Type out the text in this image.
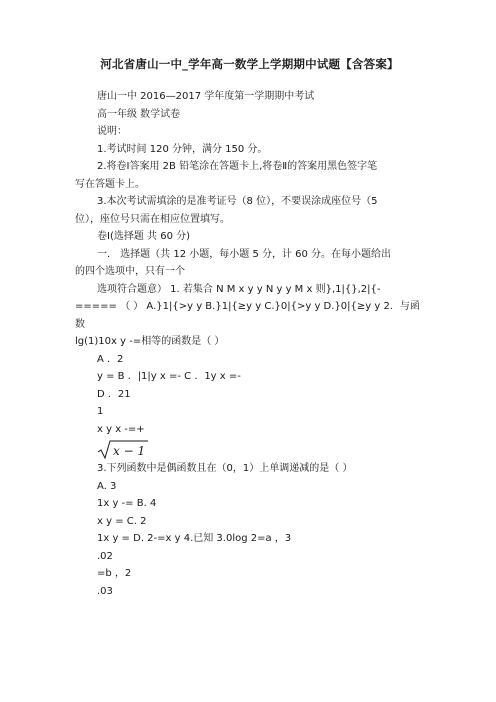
河北省唐山一中_学年高一数学上学期期中试题【含答案】
唐山一中 2016—2017 学年度第一学期期中考试
高一年级 数学试卷
说明：
1.考试时间 120 分钟，满分 150 分。
2.将卷Ⅰ答案用 2B 铅笔涂在答题卡上,将卷Ⅱ的答案用黑色签字笔
写在答题卡上。
3.本次考试需填涂的是准考证号（8 位），不要误涂成座位号（5
位），座位号只需在相应位置填写。
卷Ⅰ(选择题 共 60 分)
一． 选择题（共 12 小题，每小题 5 分，计 60 分。在每小题给出
的四个选项中，只有一个
选项符合题意） 1. 若集合 N M x y y N y y M x 则},1|{},2|{-
===== （ ） A.}1|{>y y B.}1|{≥y y C.}0|{>y y D.}0|{≥y y 2．与函数
lg(1)10x y -=相等的函数是（ ）
A ．2
y = B ．|1|y x =- C ．1y x =-
D ．21
1
x y x -=+
x − 1
3.下列函数中是偶函数且在（0，1）上单调递减的是（ ）
A. 3
1x y -= B. 4
x y = C. 2
1x y = D. 2-=x y 4.已知 3.0log 2=a ，3
.02
=b ，2
.03
